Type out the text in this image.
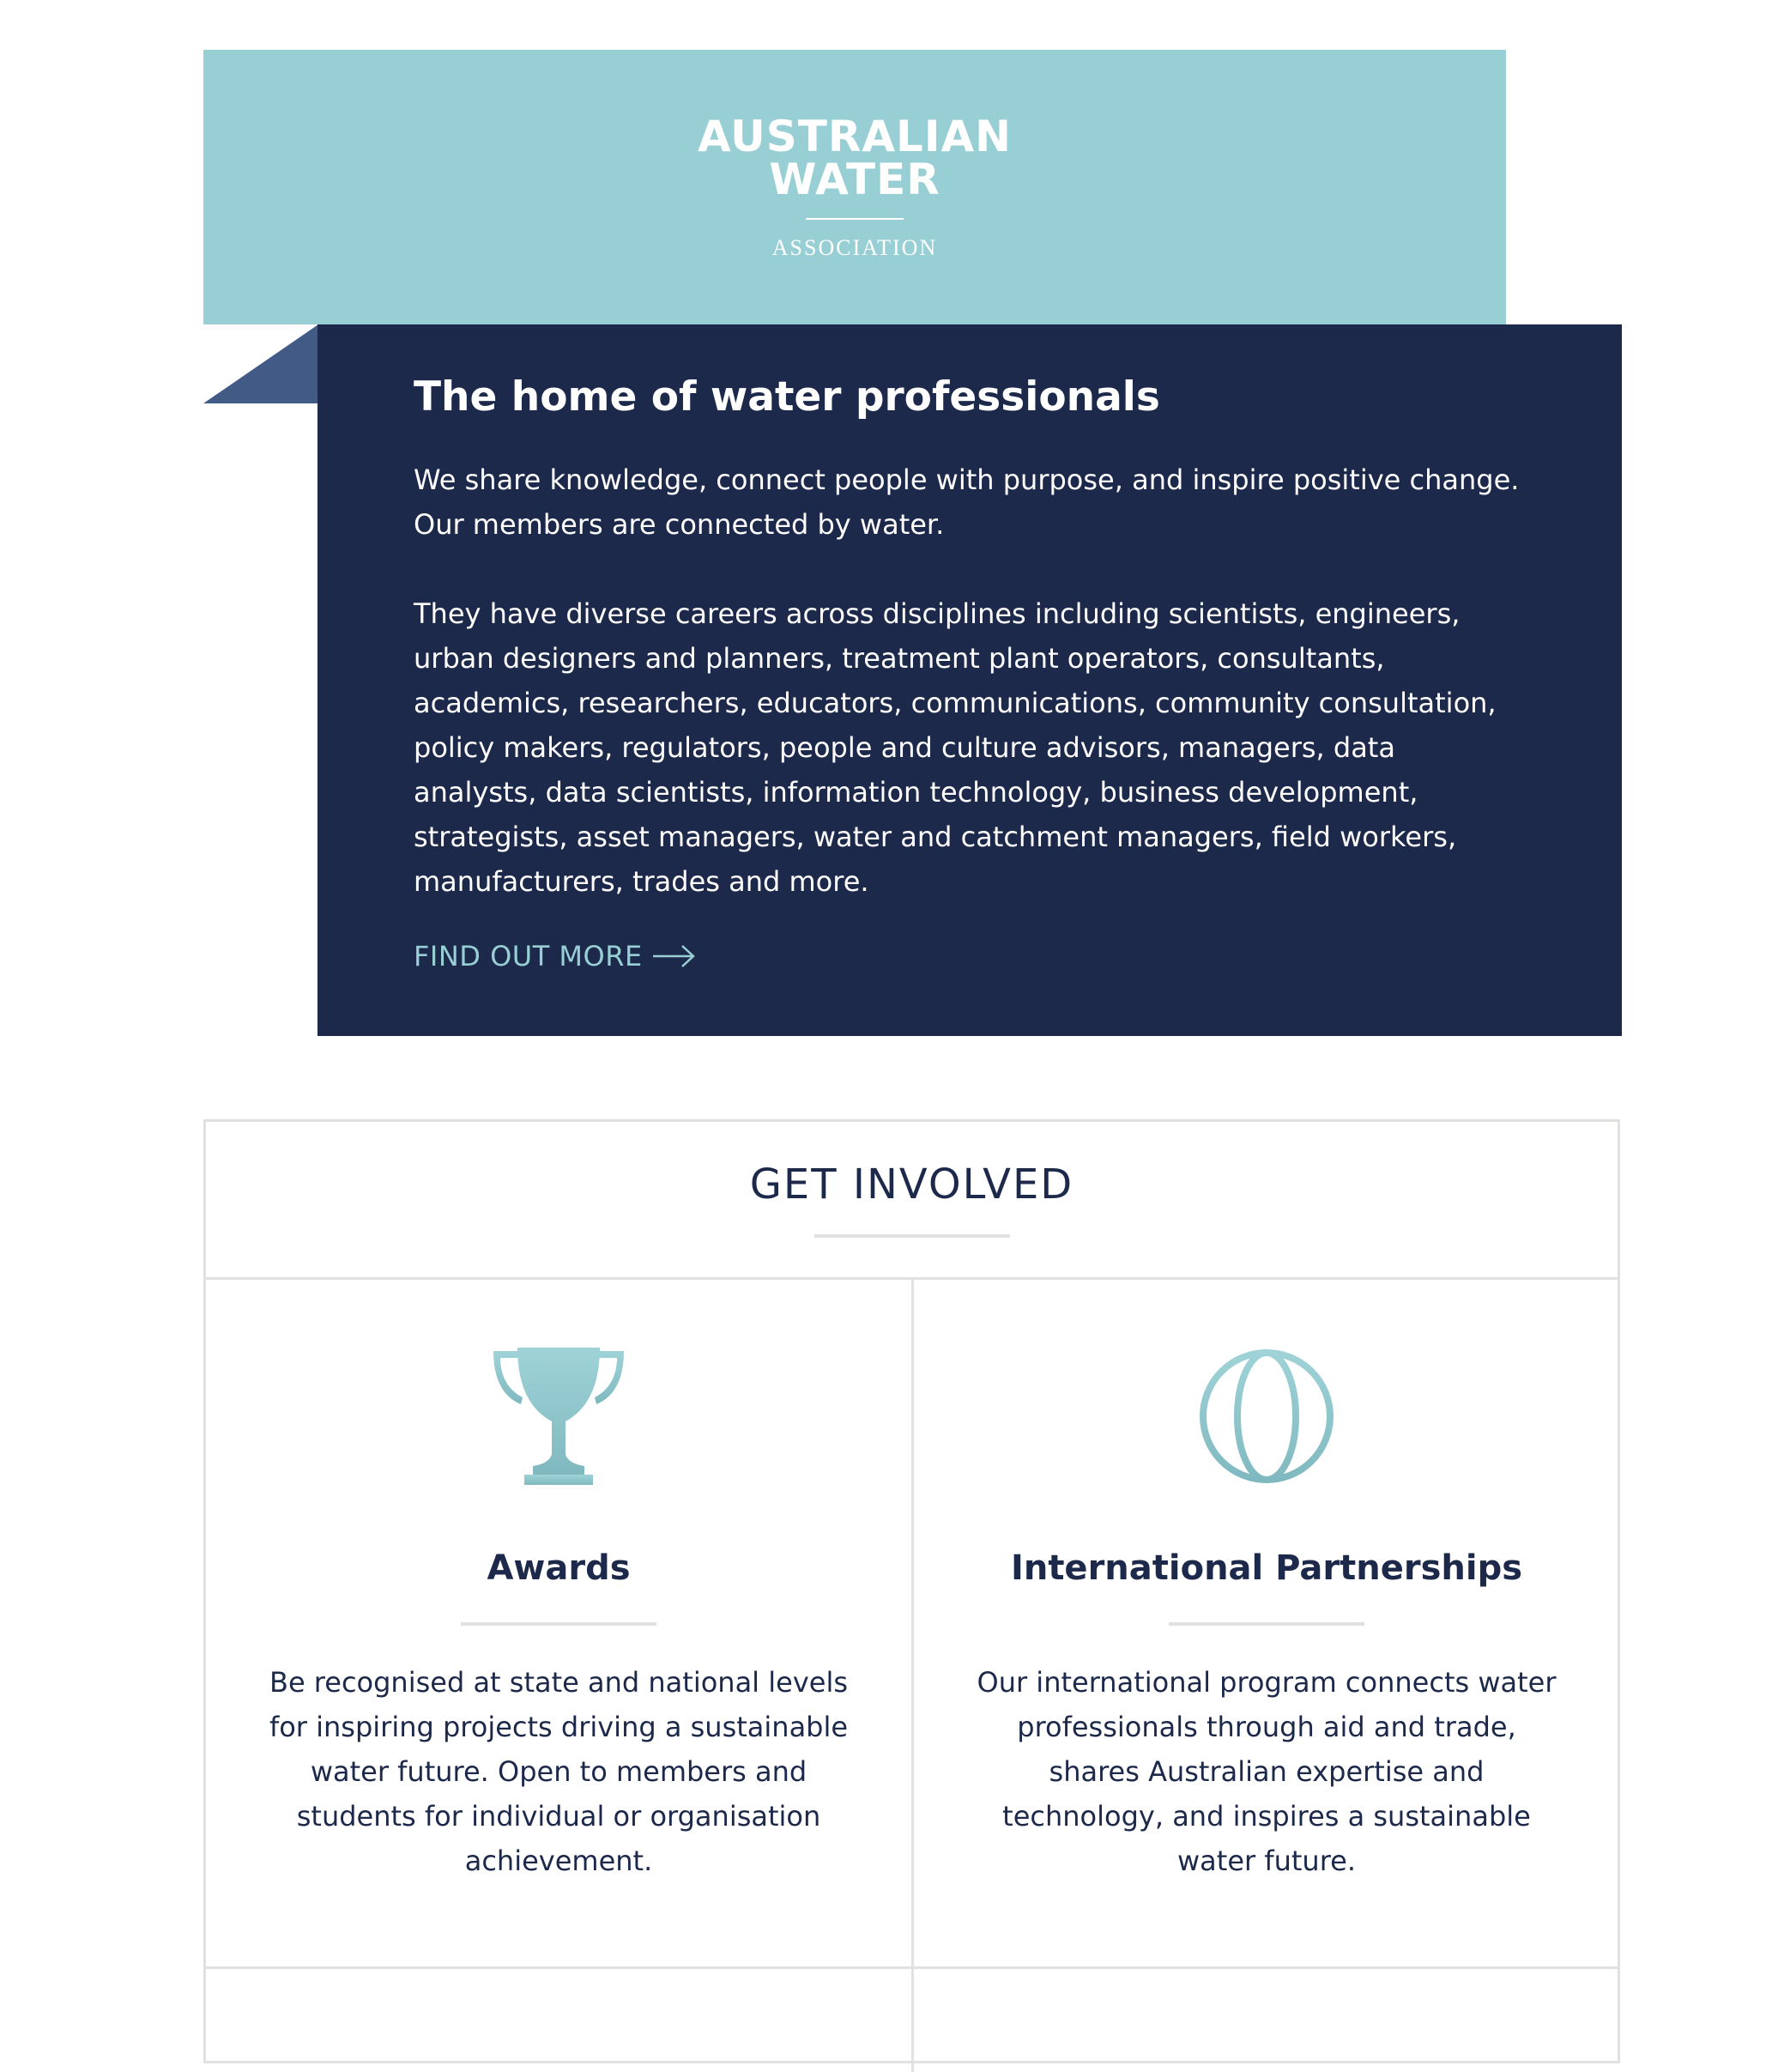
AUSTRALIAN
WATER
ASSOCIATION
The home of water professionals

We share knowledge, connect people with purpose, and inspire positive change. Our members are connected by water.

They have diverse careers across disciplines including scientists, engineers, urban designers and planners, treatment plant operators, consultants, academics, researchers, educators, communications, community consultation, policy makers, regulators, people and culture advisors, managers, data analysts, data scientists, information technology, business development, strategists, asset managers, water and catchment managers, field workers, manufacturers, trades and more.

FIND OUT MORE
GET INVOLVED
Awards

Be recognised at state and national levels for inspiring projects driving a sustainable water future. Open to members and students for individual or organisation achievement.

International Partnerships

Our international program connects water professionals through aid and trade, shares Australian expertise and technology, and inspires a sustainable water future.
